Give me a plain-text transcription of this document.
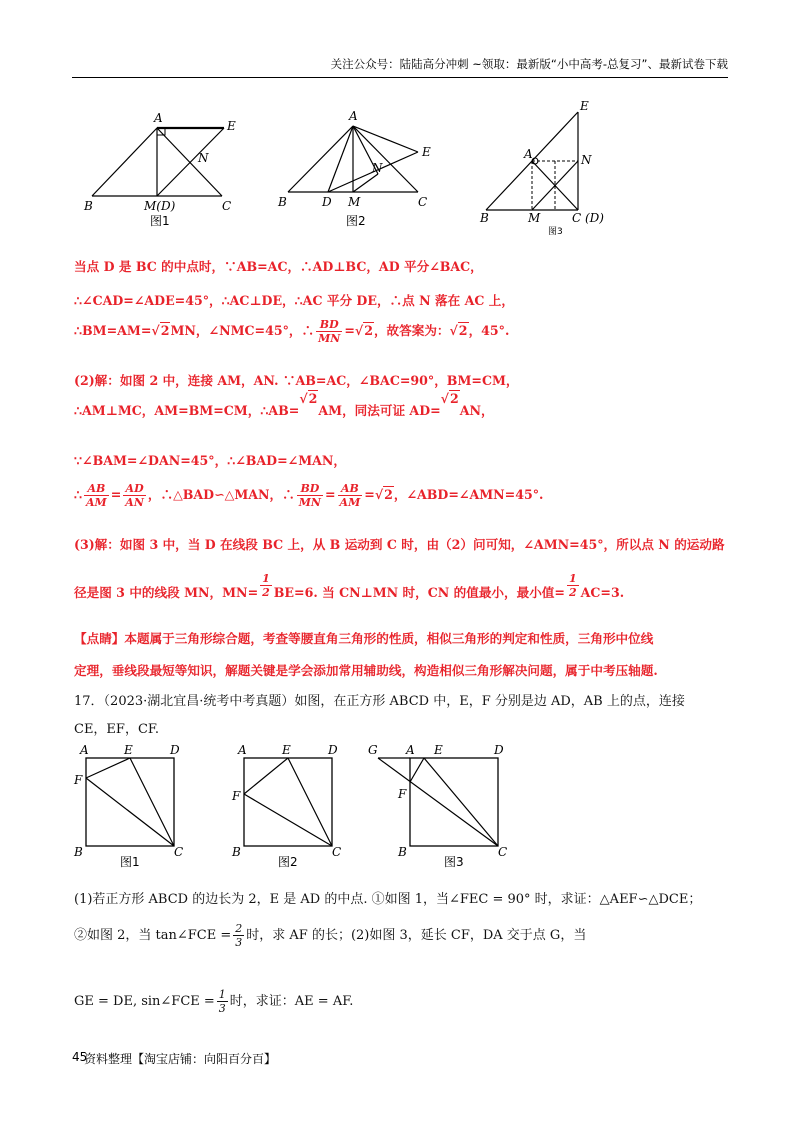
关注公众号：陆陆高分冲刺 ~领取：最新版“小中高考-总复习”、最新试卷下载
A
E
N
B	M(D)	C
图1
A
E
N
B	D M	C
图2
E
A	N
B	M	C (D)
图3
当点 D 是 BC 的中点时，∵AB=AC，∴AD⊥BC，AD 平分∠BAC，
∴∠CAD=∠ADE=45°，∴AC⊥DE，∴AC 平分 DE，∴点 N 落在 AC 上，
∴BM=AM=√2MN，∠NMC=45°，∴ $\frac{BD}{MN} =√2$，故答案为：√2，45°.
(2)解：如图 2 中，连接 AM，AN. ∵AB=AC，∠BAC=90°，BM=CM，
∴AM⊥MC，AM=BM=CM，∴AB=√2AM，同法可证 AD=√2AN，
∵∠BAM=∠DAN=45°，∴∠BAD=∠MAN，
∴ $\frac{AB}{AM} = \frac{AD}{AN}$ ，∴△BAD∽△MAN，∴ $\frac{BD}{MN} = \frac{AB}{AM} =√2$，∠ABD=∠AMN=45°.
(3)解：如图 3 中，当 D 在线段 BC 上，从 B 运动到 C 时，由（2）问可知，∠AMN=45°，所以点 N 的运动路
径是图 3 中的线段 MN，$MN= \frac{1}{2} BE=6$. 当 CN⊥MN 时，CN 的值最小，最小值= $\frac{1}{2} AC=3$.
【点睛】本题属于三角形综合题，考查等腰直角三角形的性质，相似三角形的判定和性质，三角形中位线
定理，垂线段最短等知识，解题关键是学会添加常用辅助线，构造相似三角形解决问题，属于中考压轴题.
17．（2023·湖北宜昌·统考中考真题）如图，在正方形 ABCD 中，E，F 分别是边 AD，AB 上的点，连接
CE，EF，CF.
A	E	D
F
B	C
图1
A	E	D
F
B	C
图2
G A E	D
F
B	C
图3
(1)若正方形 ABCD 的边长为 2，E 是 AD 的中点. ①如图 1，当∠FEC = 90° 时，求证：△AEF∽△DCE；
②如图 2，当 tan∠FCE = $\frac{2}{3}$ 时，求 AF 的长；(2)如图 3，延长 CF，DA 交于点 G，当
GE = DE, sin∠FCE = $\frac{1}{3}$ 时，求证：AE = AF.
45
资料整理【淘宝店铺：向阳百分百】
